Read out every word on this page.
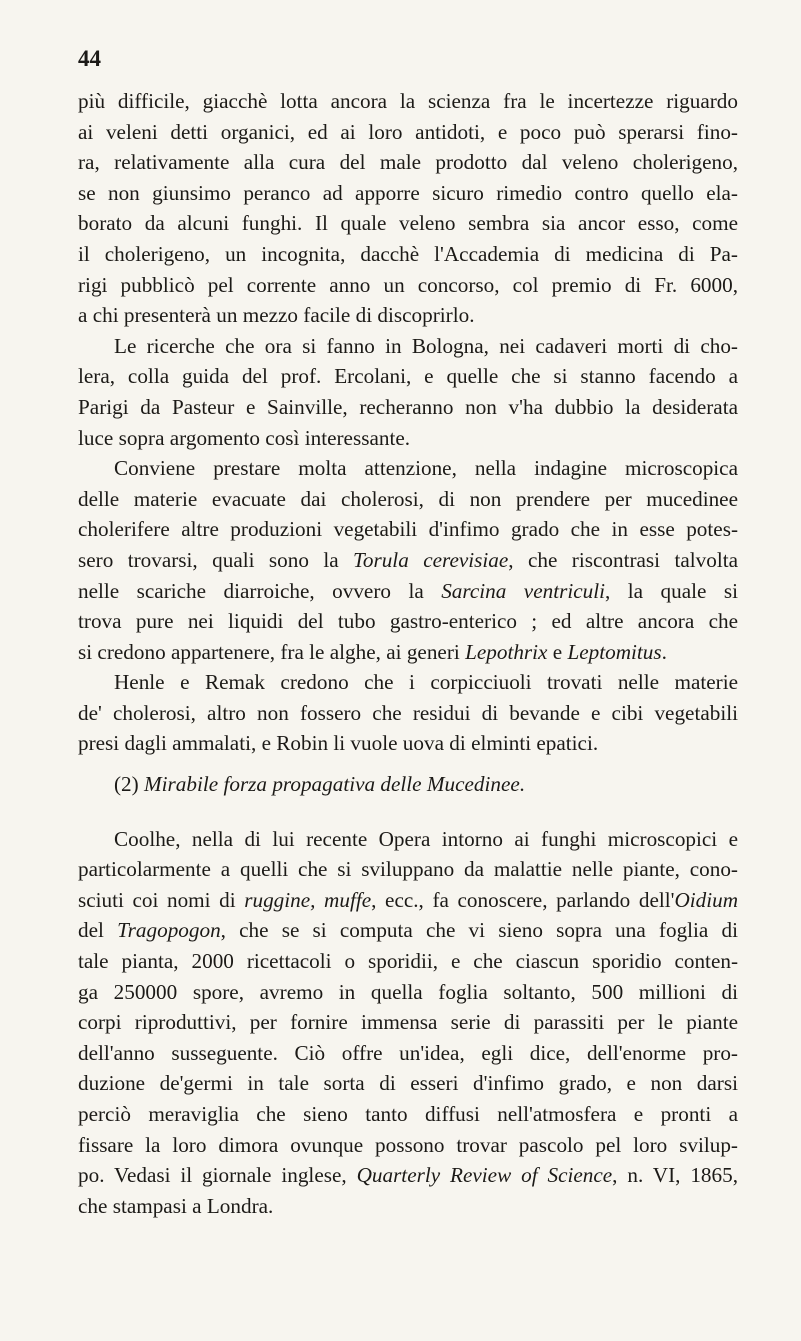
44
più difficile, giacchè lotta ancora la scienza fra le incertezze riguardo
ai veleni detti organici, ed ai loro antidoti, e poco può sperarsi fino-
ra, relativamente alla cura del male prodotto dal veleno cholerigeno,
se non giunsimo peranco ad apporre sicuro rimedio contro quello ela-
borato da alcuni funghi. Il quale veleno sembra sia ancor esso, come
il cholerigeno, un incognita, dacchè l'Accademia di medicina di Pa-
rigi pubblicò pel corrente anno un concorso, col premio di Fr. 6000,
a chi presenterà un mezzo facile di discoprirlo.
Le ricerche che ora si fanno in Bologna, nei cadaveri morti di cho-
lera, colla guida del prof. Ercolani, e quelle che si stanno facendo a
Parigi da Pasteur e Sainville, recheranno non v'ha dubbio la desiderata
luce sopra argomento così interessante.
Conviene prestare molta attenzione, nella indagine microscopica
delle materie evacuate dai cholerosi, di non prendere per mucedinee
cholerifere altre produzioni vegetabili d'infimo grado che in esse potes-
sero trovarsi, quali sono la Torula cerevisiae, che riscontrasi talvolta
nelle scariche diarroiche, ovvero la Sarcina ventriculi, la quale si
trova pure nei liquidi del tubo gastro-enterico ; ed altre ancora che
si credono appartenere, fra le alghe, ai generi Lepothrix e Leptomitus.
Henle e Remak credono che i corpicciuoli trovati nelle materie
de' cholerosi, altro non fossero che residui di bevande e cibi vegetabili
presi dagli ammalati, e Robin li vuole uova di elminti epatici.
(2) Mirabile forza propagativa delle Mucedinee.
Coolhe, nella di lui recente Opera intorno ai funghi microscopici e
particolarmente a quelli che si sviluppano da malattie nelle piante, cono-
sciuti coi nomi di ruggine, muffe, ecc., fa conoscere, parlando dell'Oidium
del Tragopogon, che se si computa che vi sieno sopra una foglia di
tale pianta, 2000 ricettacoli o sporidii, e che ciascun sporidio conten-
ga 250000 spore, avremo in quella foglia soltanto, 500 millioni di
corpi riproduttivi, per fornire immensa serie di parassiti per le piante
dell'anno susseguente. Ciò offre un'idea, egli dice, dell'enorme pro-
duzione de'germi in tale sorta di esseri d'infimo grado, e non darsi
perciò meraviglia che sieno tanto diffusi nell'atmosfera e pronti a
fissare la loro dimora ovunque possono trovar pascolo pel loro svilup-
po. Vedasi il giornale inglese, Quarterly Review of Science, n. VI, 1865,
che stampasi a Londra.
